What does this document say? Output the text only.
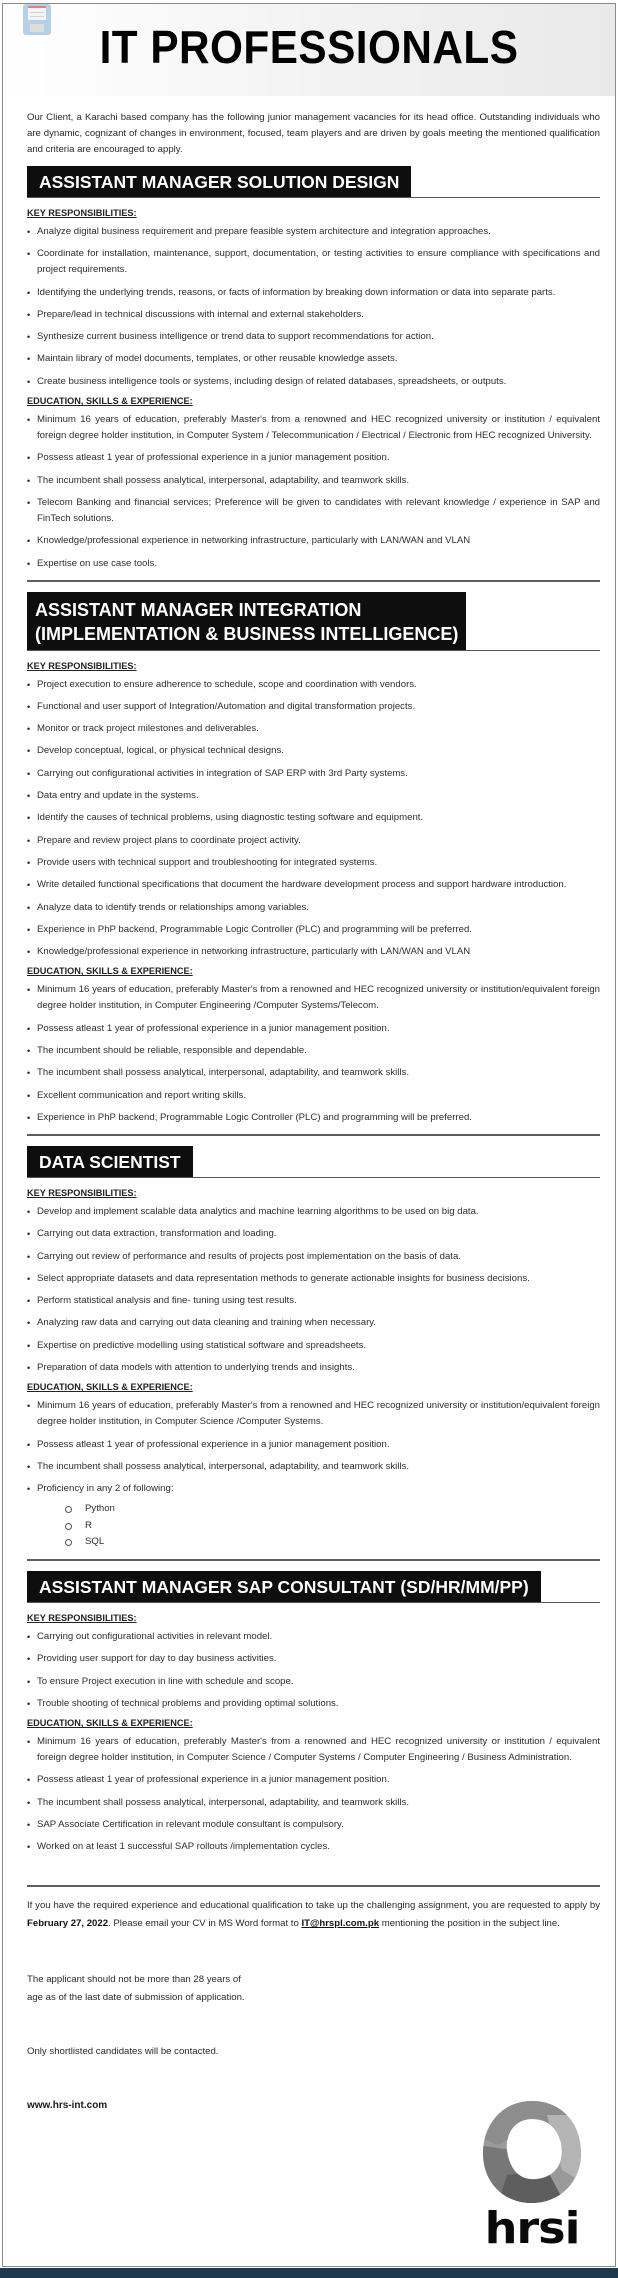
IT PROFESSIONALS

Our Client, a Karachi based company has the following junior management vacancies for its head office. Outstanding individuals who are dynamic, cognizant of changes in environment, focused, team players and are driven by goals meeting the mentioned qualification and criteria are encouraged to apply.

ASSISTANT MANAGER SOLUTION DESIGN
KEY RESPONSIBILITIES:
• Analyze digital business requirement and prepare feasible system architecture and integration approaches.
• Coordinate for installation, maintenance, support, documentation, or testing activities to ensure compliance with specifications and project requirements.
• Identifying the underlying trends, reasons, or facts of information by breaking down information or data into separate parts.
• Prepare/lead in technical discussions with internal and external stakeholders.
• Synthesize current business intelligence or trend data to support recommendations for action.
• Maintain library of model documents, templates, or other reusable knowledge assets.
• Create business intelligence tools or systems, including design of related databases, spreadsheets, or outputs.
EDUCATION, SKILLS & EXPERIENCE:
• Minimum 16 years of education, preferably Master's from a renowned and HEC recognized university or institution / equivalent foreign degree holder institution, in Computer System / Telecommunication / Electrical / Electronic from HEC recognized University.
• Possess atleast 1 year of professional experience in a junior management position.
• The incumbent shall possess analytical, interpersonal, adaptability, and teamwork skills.
• Telecom Banking and financial services; Preference will be given to candidates with relevant knowledge / experience in SAP and FinTech solutions.
• Knowledge/professional experience in networking infrastructure, particularly with LAN/WAN and VLAN
• Expertise on use case tools.
ASSISTANT MANAGER INTEGRATION
(IMPLEMENTATION & BUSINESS INTELLIGENCE)
KEY RESPONSIBILITIES:
• Project execution to ensure adherence to schedule, scope and coordination with vendors.
• Functional and user support of Integration/Automation and digital transformation projects.
• Monitor or track project milestones and deliverables.
• Develop conceptual, logical, or physical technical designs.
• Carrying out configurational activities in integration of SAP ERP with 3rd Party systems.
• Data entry and update in the systems.
• Identify the causes of technical problems, using diagnostic testing software and equipment.
• Prepare and review project plans to coordinate project activity.
• Provide users with technical support and troubleshooting for integrated systems.
• Write detailed functional specifications that document the hardware development process and support hardware introduction.
• Analyze data to identify trends or relationships among variables.
• Experience in PhP backend, Programmable Logic Controller (PLC) and programming will be preferred.
• Knowledge/professional experience in networking infrastructure, particularly with LAN/WAN and VLAN
EDUCATION, SKILLS & EXPERIENCE:
• Minimum 16 years of education, preferably Master's from a renowned and HEC recognized university or institution/equivalent foreign degree holder institution, in Computer Engineering /Computer Systems/Telecom.
• Possess atleast 1 year of professional experience in a junior management position.
• The incumbent should be reliable, responsible and dependable.
• The incumbent shall possess analytical, interpersonal, adaptability, and teamwork skills.
• Excellent communication and report writing skills.
• Experience in PhP backend, Programmable Logic Controller (PLC) and programming will be preferred.
DATA SCIENTIST
KEY RESPONSIBILITIES:
• Develop and implement scalable data analytics and machine learning algorithms to be used on big data.
• Carrying out data extraction, transformation and loading.
• Carrying out review of performance and results of projects post implementation on the basis of data.
• Select appropriate datasets and data representation methods to generate actionable insights for business decisions.
• Perform statistical analysis and fine- tuning using test results.
• Analyzing raw data and carrying out data cleaning and training when necessary.
• Expertise on predictive modelling using statistical software and spreadsheets.
• Preparation of data models with attention to underlying trends and insights.
EDUCATION, SKILLS & EXPERIENCE:
• Minimum 16 years of education, preferably Master's from a renowned and HEC recognized university or institution/equivalent foreign degree holder institution, in Computer Science /Computer Systems.
• Possess atleast 1 year of professional experience in a junior management position.
• The incumbent shall possess analytical, interpersonal, adaptability, and teamwork skills.
• Proficiency in any 2 of following:
Python
R
SQL
ASSISTANT MANAGER SAP CONSULTANT (SD/HR/MM/PP)
KEY RESPONSIBILITIES:
• Carrying out configurational activities in relevant model.
• Providing user support for day to day business activities.
• To ensure Project execution in line with schedule and scope.
• Trouble shooting of technical problems and providing optimal solutions.
EDUCATION, SKILLS & EXPERIENCE:
• Minimum 16 years of education, preferably Master's from a renowned and HEC recognized university or institution / equivalent foreign degree holder institution, in Computer Science / Computer Systems / Computer Engineering / Business Administration.
• Possess atleast 1 year of professional experience in a junior management position.
• The incumbent shall possess analytical, interpersonal, adaptability, and teamwork skills.
• SAP Associate Certification in relevant module consultant is compulsory.
• Worked on at least 1 successful SAP rollouts /implementation cycles.

If you have the required experience and educational qualification to take up the challenging assignment, you are requested to apply by February 27, 2022. Please email your CV in MS Word format to IT@hrspl.com.pk mentioning the position in the subject line.

The applicant should not be more than 28 years of
age as of the last date of submission of application.

Only shortlisted candidates will be contacted.

www.hrs-int.com
hrsi
